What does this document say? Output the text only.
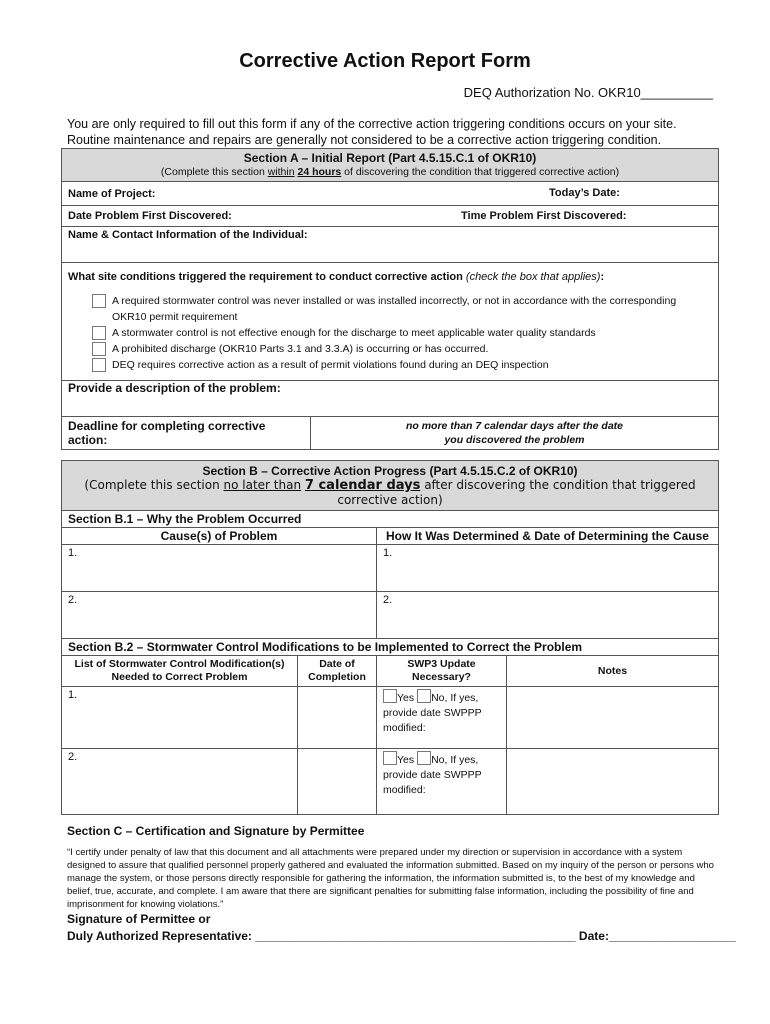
Corrective Action Report Form
DEQ Authorization No. OKR10__________
You are only required to fill out this form if any of the corrective action triggering conditions occurs on your site. Routine maintenance and repairs are generally not considered to be a corrective action triggering condition.
Section A – Initial Report (Part 4.5.15.C.1 of OKR10)
(Complete this section within 24 hours of discovering the condition that triggered corrective action)

Name of Project:	Today’s Date:

Date Problem First Discovered:	Time Problem First Discovered:

Name & Contact Information of the Individual:

What site conditions triggered the requirement to conduct corrective action (check the box that applies):
A required stormwater control was never installed or was installed incorrectly, or not in accordance with the corresponding OKR10 permit requirement
A stormwater control is not effective enough for the discharge to meet applicable water quality standards
A prohibited discharge (OKR10 Parts 3.1 and 3.3.A) is occurring or has occurred.
DEQ requires corrective action as a result of permit violations found during an DEQ inspection

Provide a description of the problem:
Deadline for completing corrective action:	
no more than 7 calendar days after the date
you discovered the problem
Section B – Corrective Action Progress (Part 4.5.15.C.2 of OKR10)
(Complete this section no later than 7 calendar days after discovering the condition that triggered corrective action)			

Section B.1 – Why the Problem Occurred			
Cause(s) of Problem		How It Was Determined & Date of Determining the Cause	
1.		1.	
2.		2.	
Section B.2 – Stormwater Control Modifications to be Implemented to Correct the Problem			
List of Stormwater Control Modification(s) Needed to Correct Problem	Date of Completion	SWP3 Update Necessary?	Notes
1.		Yes No, If yes,
provide date SWPPP
modified:	

2.		Yes No, If yes,
provide date SWPPP
modified:	

Section C – Certification and Signature by Permittee
“I certify under penalty of law that this document and all attachments were prepared under my direction or supervision in accordance with a system designed to assure that qualified personnel properly gathered and evaluated the information submitted. Based on my inquiry of the person or persons who manage the system, or those persons directly responsible for gathering the information, the information submitted is, to the best of my knowledge and belief, true, accurate, and complete. I am aware that there are significant penalties for submitting false information, including the possibility of fine and imprisonment for knowing violations.”
Signature of Permittee or
Duly Authorized Representative: ________________________________________________ Date:___________________
